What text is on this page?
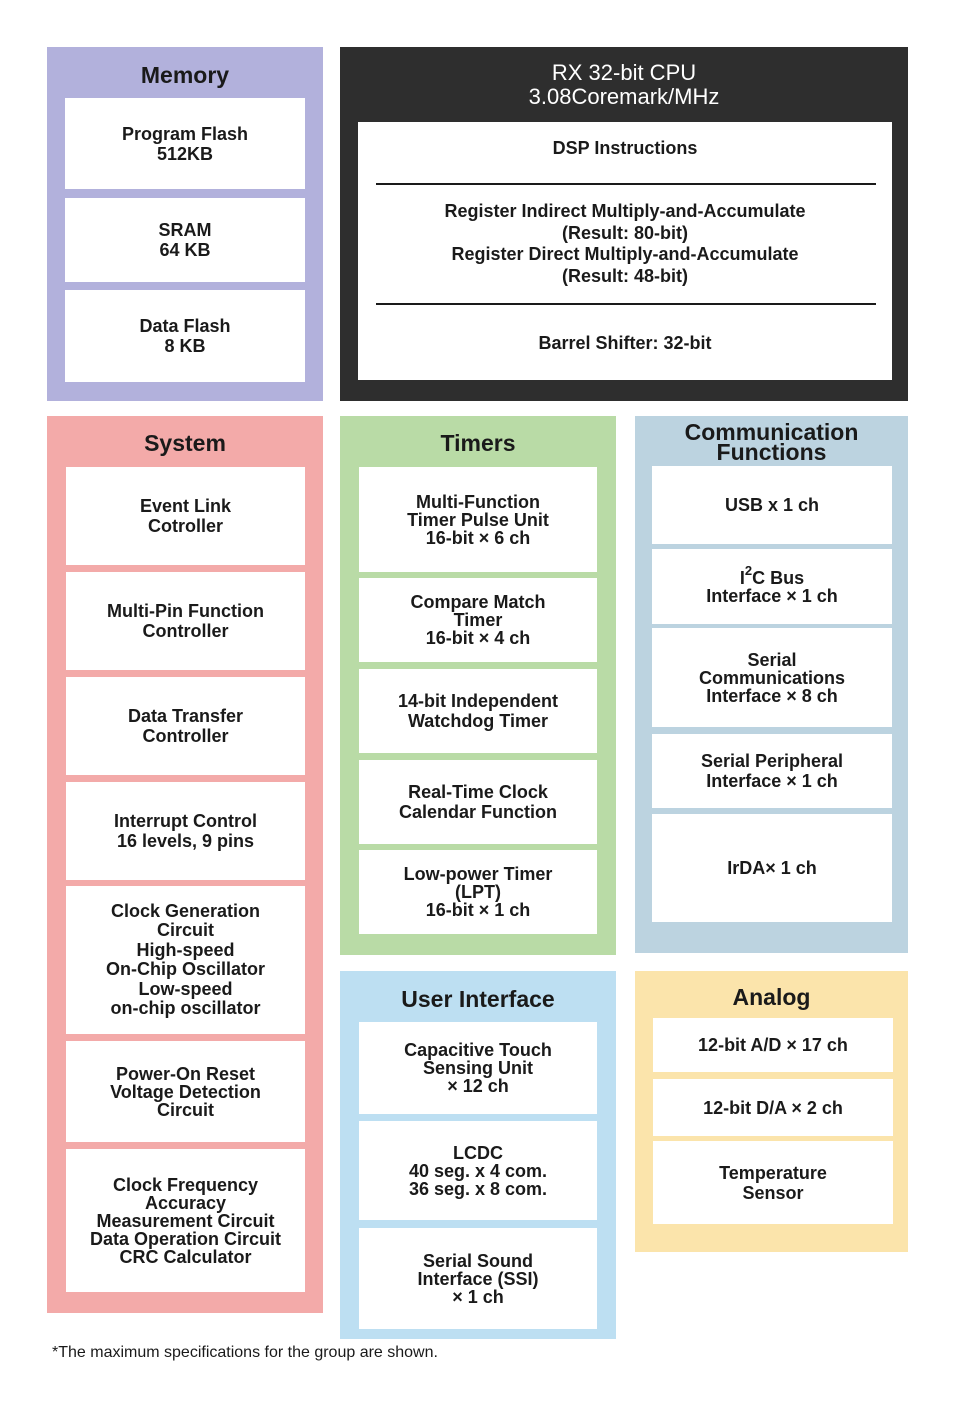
Memory
Program Flash
512KB
SRAM
64 KB
Data Flash
8 KB
RX 32-bit CPU
3.08Coremark/MHz
DSP Instructions
Register Indirect Multiply-and-Accumulate
(Result: 80-bit)
Register Direct Multiply-and-Accumulate
(Result: 48-bit)
Barrel Shifter: 32-bit
System
Event Link
Cotroller
Multi-Pin Function
Controller
Data Transfer
Controller
Interrupt Control
16 levels, 9 pins
Clock Generation
Circuit
High-speed
On-Chip Oscillator
Low-speed
on-chip oscillator
Power-On Reset
Voltage Detection
Circuit
Clock Frequency
Accuracy
Measurement Circuit
Data Operation Circuit
CRC Calculator
Timers
Multi-Function
Timer Pulse Unit
16-bit × 6 ch
Compare Match
Timer
16-bit × 4 ch
14-bit Independent
Watchdog Timer
Real-Time Clock
Calendar Function
Low-power Timer
(LPT)
16-bit × 1 ch
Communication
Functions
USB x 1 ch
$I^2C$ Bus
Interface × 1 ch
Serial
Communications
Interface × 8 ch
Serial Peripheral
Interface × 1 ch
IrDA× 1 ch
User Interface
Capacitive Touch
Sensing Unit
× 12 ch
LCDC
40 seg. x 4 com.
36 seg. x 8 com.
Serial Sound
Interface (SSI)
× 1 ch
Analog
12-bit A/D × 17 ch
12-bit D/A × 2 ch
Temperature
Sensor
*The maximum specifications for the group are shown.
